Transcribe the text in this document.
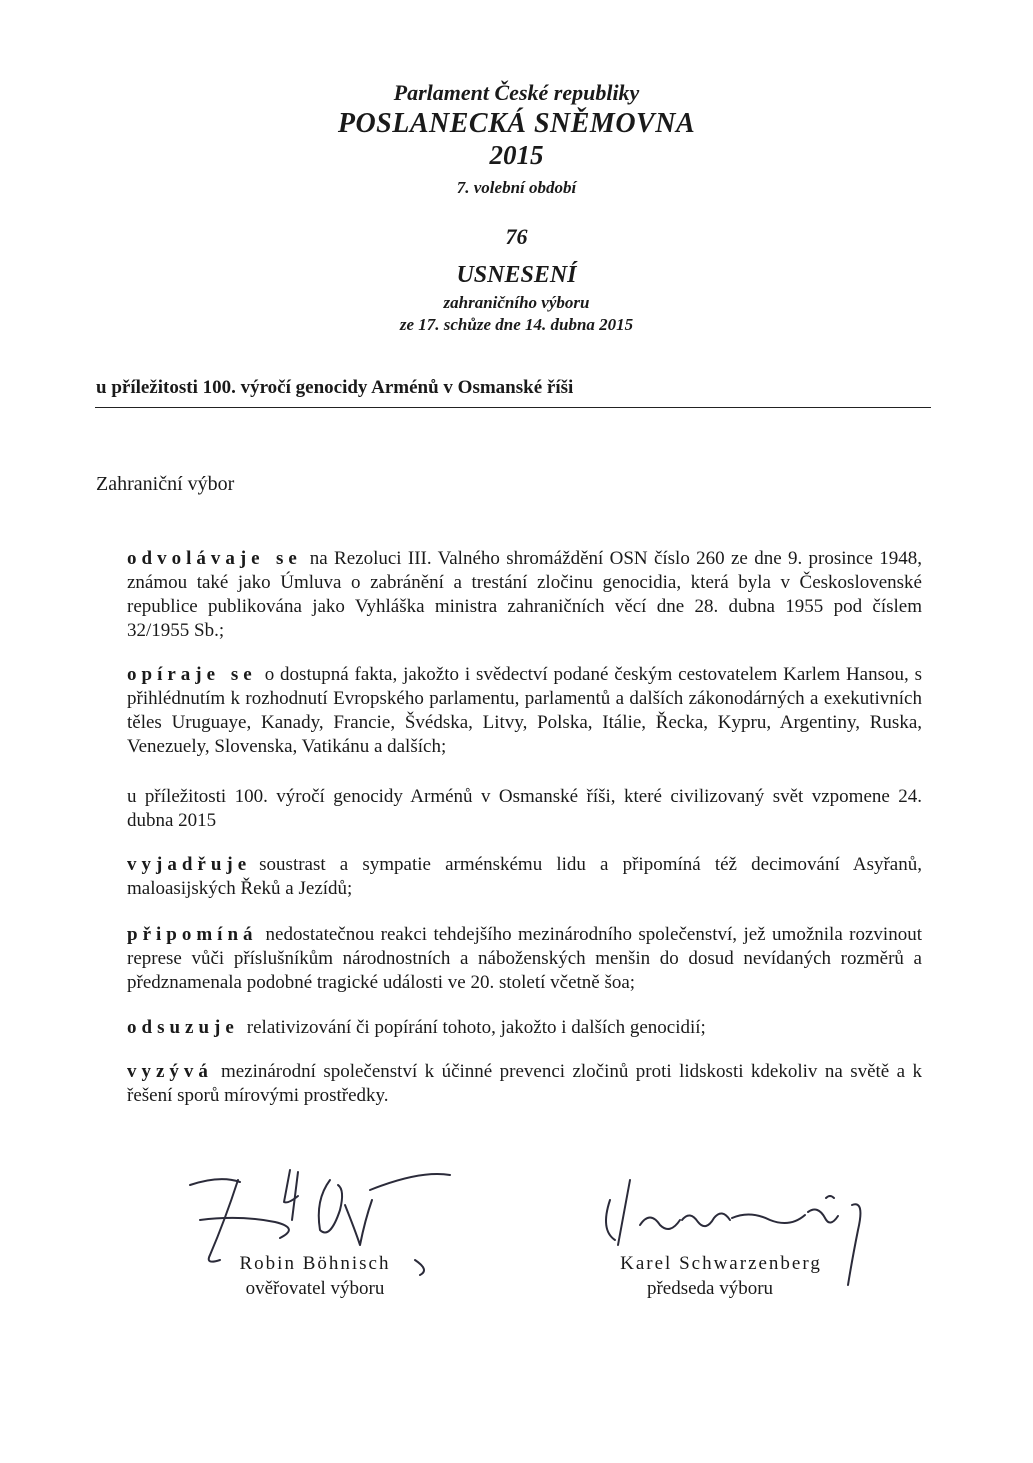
Parlament České republiky
POSLANECKÁ SNĚMOVNA
2015
7. volební období
76
USNESENÍ
zahraničního výboru
ze 17. schůze dne 14. dubna 2015
u příležitosti 100. výročí genocidy Arménů v Osmanské říši
Zahraniční výbor
odvolávaje se na Rezoluci III. Valného shromáždění OSN číslo 260 ze dne 9. prosince 1948, známou také jako Úmluva o zabránění a trestání zločinu genocidia, která byla v Československé republice publikována jako Vyhláška ministra zahraničních věcí dne 28. dubna 1955 pod číslem 32/1955 Sb.;
opíraje se o dostupná fakta, jakožto i svědectví podané českým cestovatelem Karlem Hansou, s přihlédnutím k rozhodnutí Evropského parlamentu, parlamentů a dalších zákonodárných a exekutivních těles Uruguaye, Kanady, Francie, Švédska, Litvy, Polska, Itálie, Řecka, Kypru, Argentiny, Ruska, Venezuely, Slovenska, Vatikánu a dalších;
u příležitosti 100. výročí genocidy Arménů v Osmanské říši, které civilizovaný svět vzpomene 24. dubna 2015
vyjadřuje soustrast a sympatie arménskému lidu a připomíná též decimování Asyřanů, maloasijských Řeků a Jezídů;
připomíná nedostatečnou reakci tehdejšího mezinárodního společenství, jež umožnila rozvinout represe vůči příslušníkům národnostních a náboženských menšin do dosud nevídaných rozměrů a předznamenala podobné tragické události ve 20. století včetně šoa;
odsuzuje relativizování či popírání tohoto, jakožto i dalších genocidií;
vyzývá mezinárodní společenství k účinné prevenci zločinů proti lidskosti kdekoliv na světě a k řešení sporů mírovými prostředky.
Robin Böhnisch
ověřovatel výboru
Karel Schwarzenberg
předseda výboru
